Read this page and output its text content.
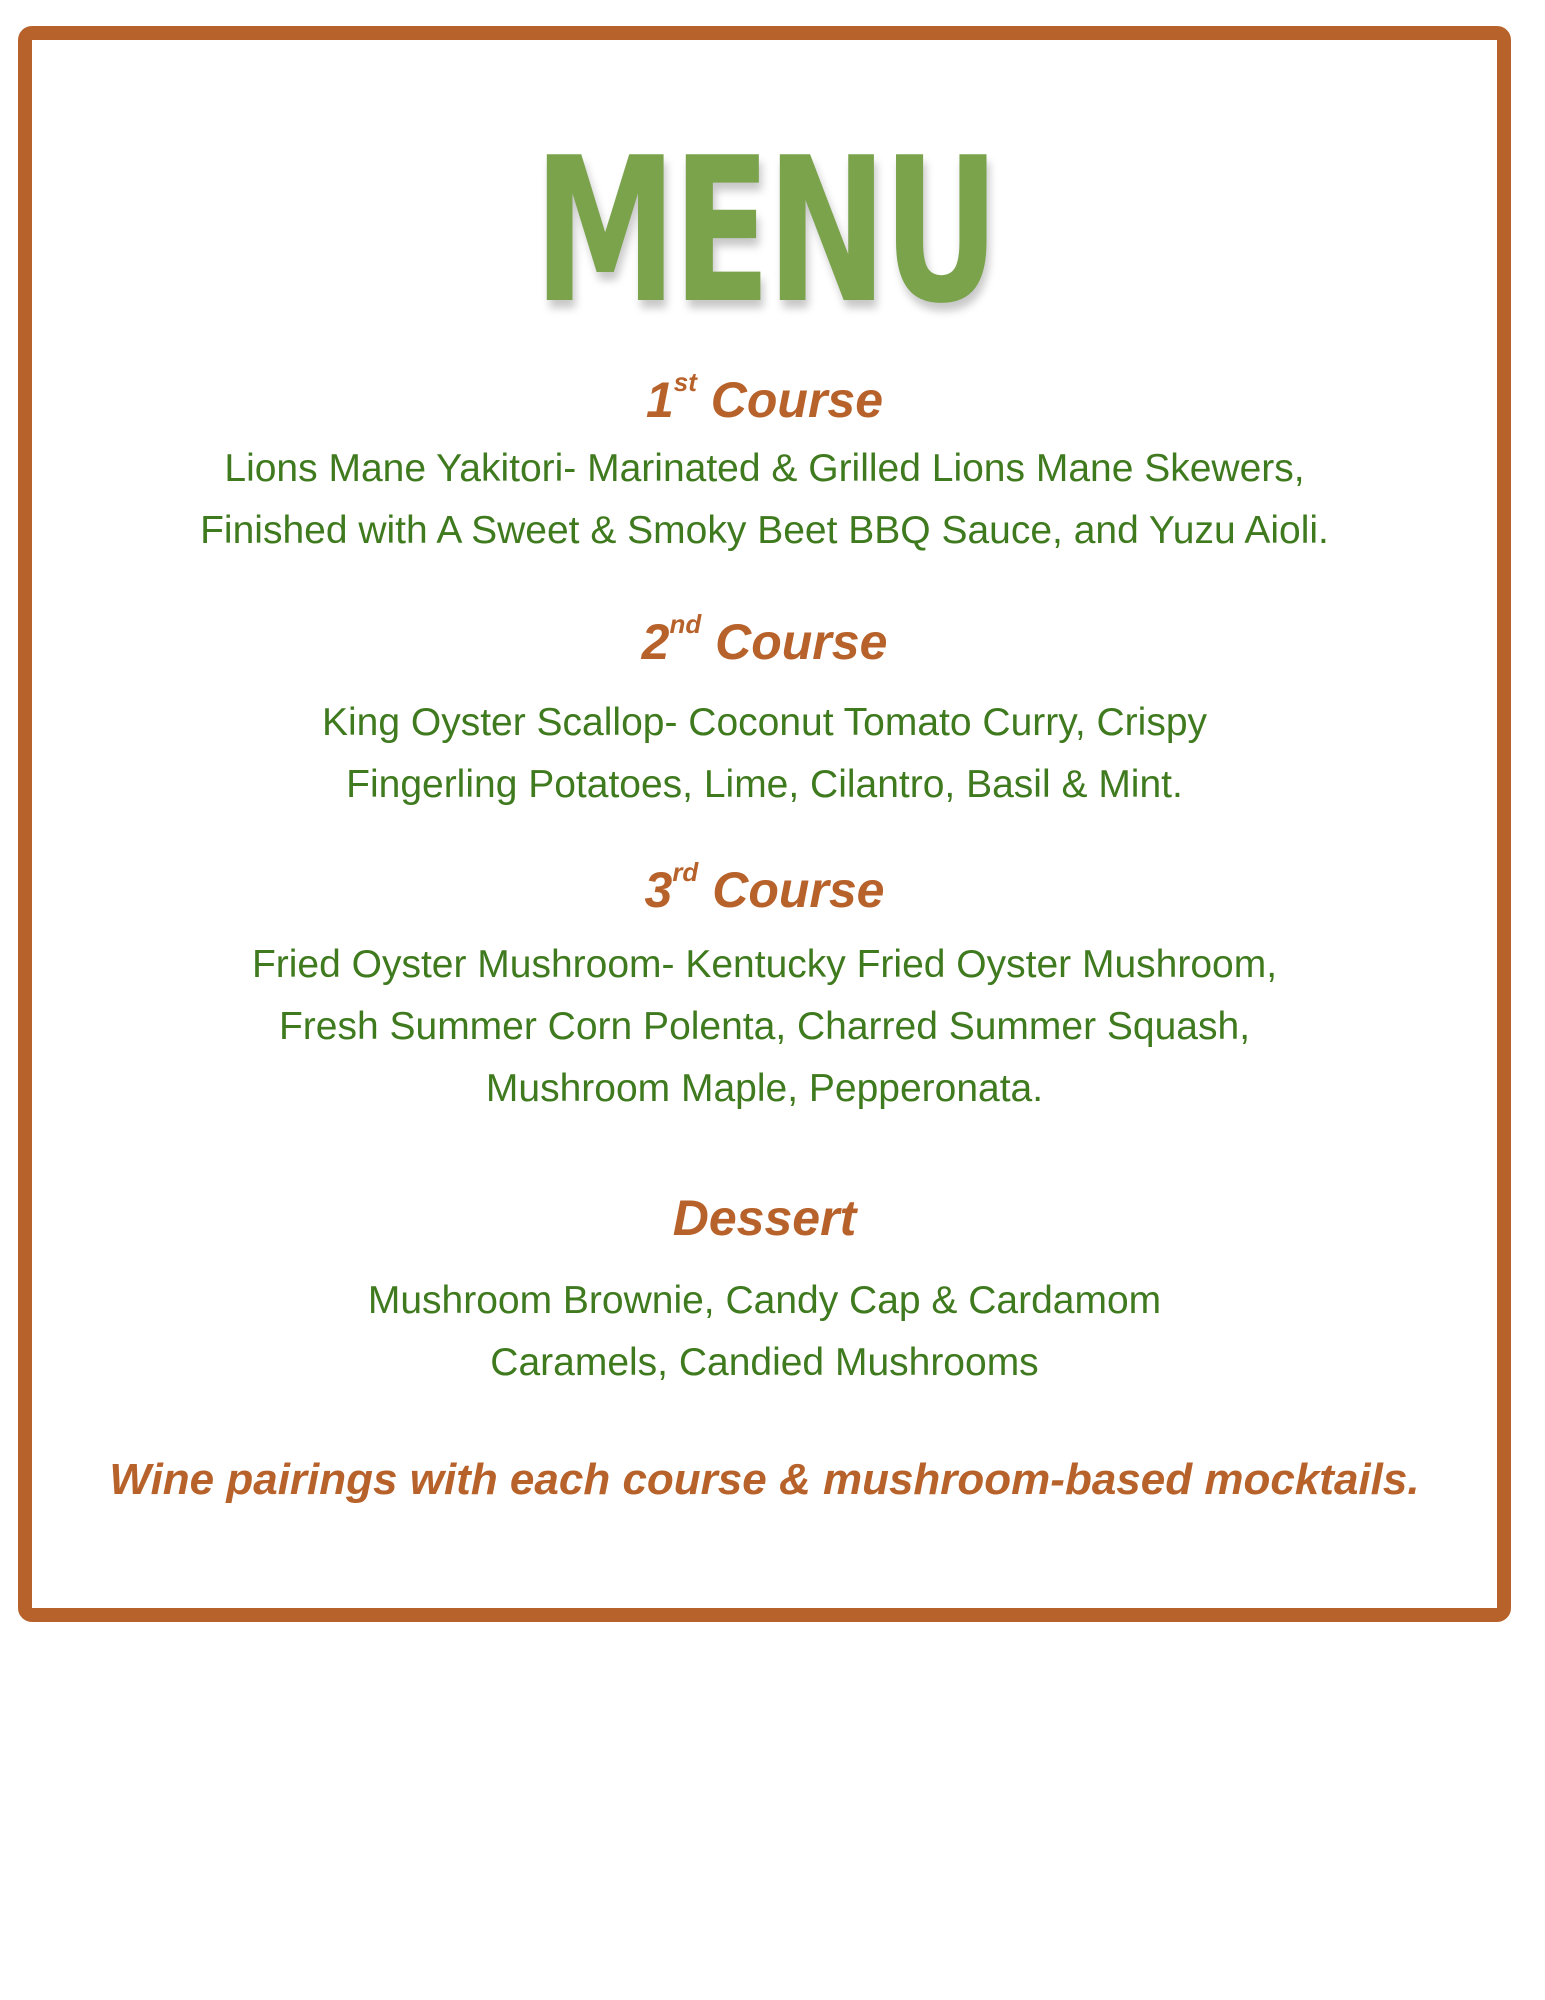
MENU

1st Course

Lions Mane Yakitori- Marinated & Grilled Lions Mane Skewers,

Finished with A Sweet & Smoky Beet BBQ Sauce, and Yuzu Aioli.

2nd Course

King Oyster Scallop- Coconut Tomato Curry, Crispy

Fingerling Potatoes, Lime, Cilantro, Basil & Mint.

3rd Course

Fried Oyster Mushroom- Kentucky Fried Oyster Mushroom,

Fresh Summer Corn Polenta, Charred Summer Squash,

Mushroom Maple, Pepperonata.

Dessert

Mushroom Brownie, Candy Cap & Cardamom

Caramels, Candied Mushrooms

Wine pairings with each course & mushroom-based mocktails.
